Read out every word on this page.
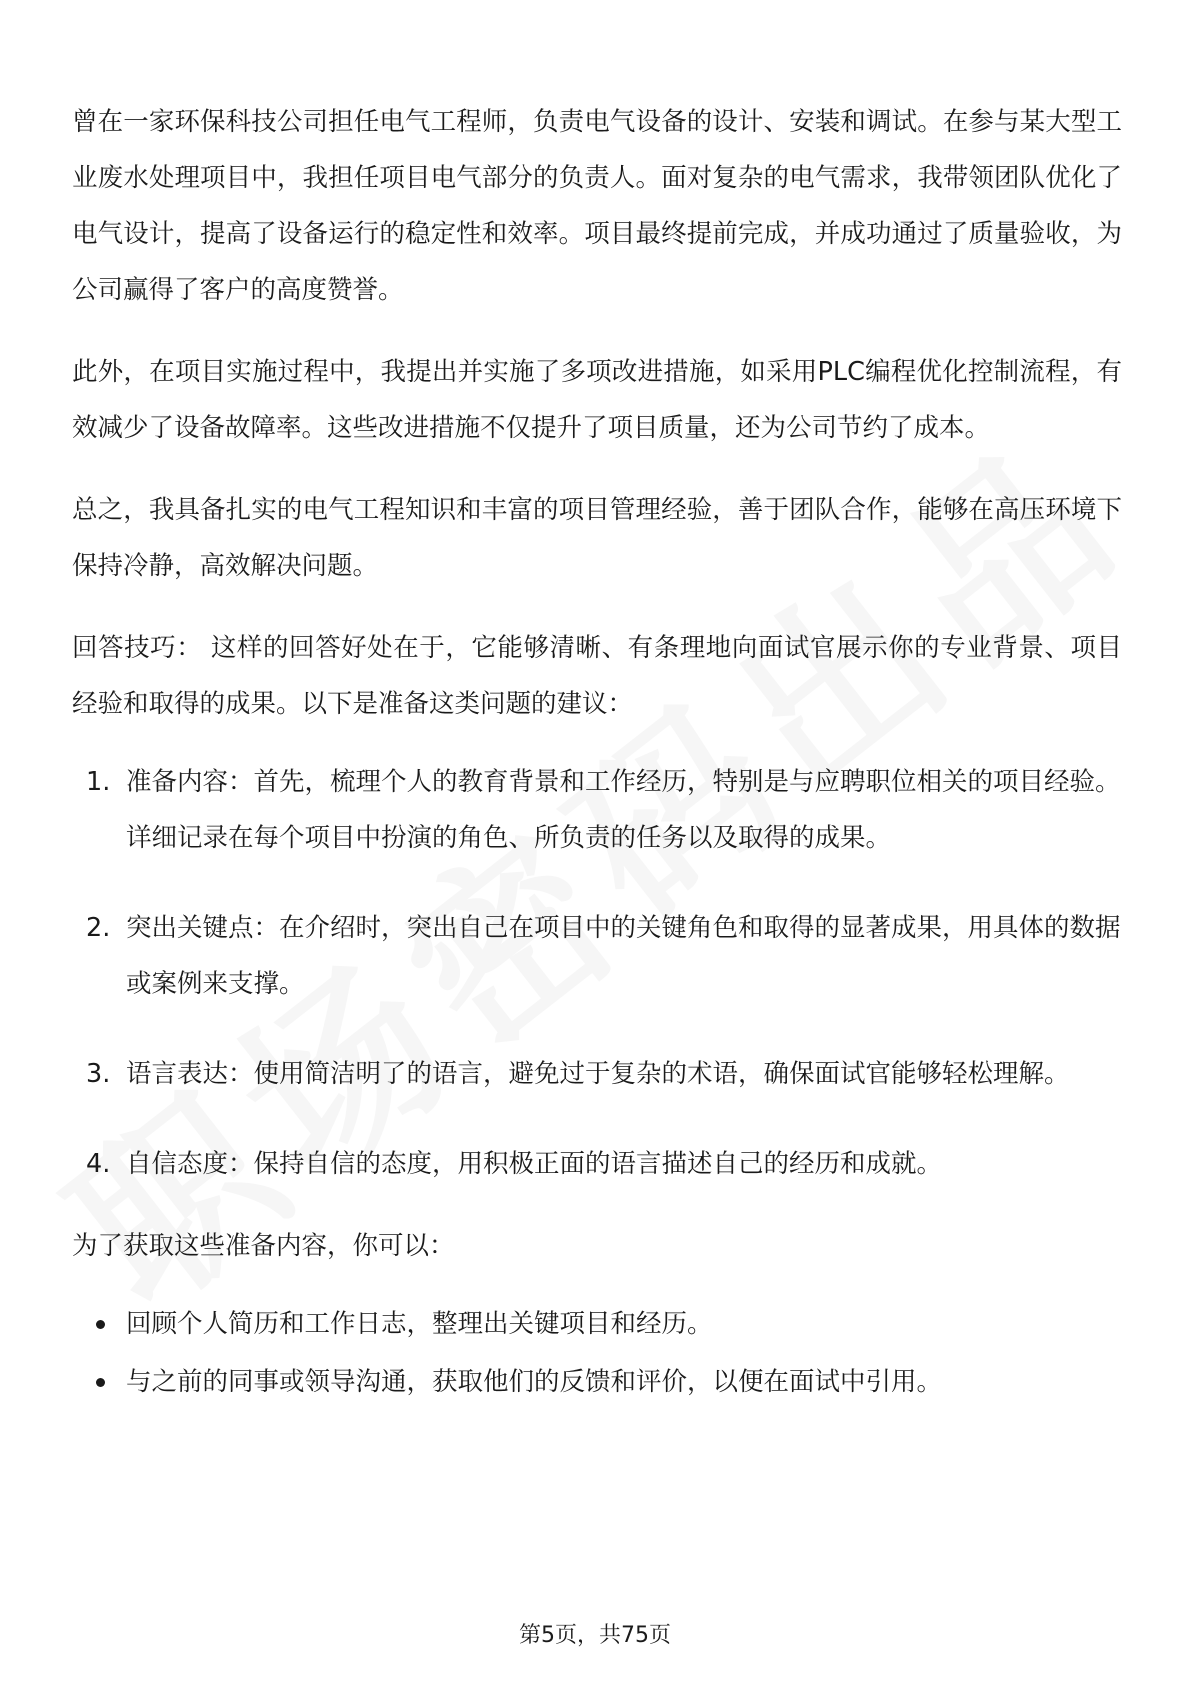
曾在一家环保科技公司担任电气工程师，负责电气设备的设计、安装和调试。在参与某大型工业废水处理项目中，我担任项目电气部分的负责人。面对复杂的电气需求，我带领团队优化了电气设计，提高了设备运行的稳定性和效率。项目最终提前完成，并成功通过了质量验收，为公司赢得了客户的高度赞誉。

此外，在项目实施过程中，我提出并实施了多项改进措施，如采用PLC编程优化控制流程，有效减少了设备故障率。这些改进措施不仅提升了项目质量，还为公司节约了成本。

总之，我具备扎实的电气工程知识和丰富的项目管理经验，善于团队合作，能够在高压环境下保持冷静，高效解决问题。

回答技巧： 这样的回答好处在于，它能够清晰、有条理地向面试官展示你的专业背景、项目经验和取得的成果。以下是准备这类问题的建议：

1. 准备内容：首先，梳理个人的教育背景和工作经历，特别是与应聘职位相关的项目经验。详细记录在每个项目中扮演的角色、所负责的任务以及取得的成果。
2. 突出关键点：在介绍时，突出自己在项目中的关键角色和取得的显著成果，用具体的数据或案例来支撑。
3. 语言表达：使用简洁明了的语言，避免过于复杂的术语，确保面试官能够轻松理解。
4. 自信态度：保持自信的态度，用积极正面的语言描述自己的经历和成就。

为了获取这些准备内容，你可以：

回顾个人简历和工作日志，整理出关键项目和经历。
与之前的同事或领导沟通，获取他们的反馈和评价，以便在面试中引用。
第5页，共75页
